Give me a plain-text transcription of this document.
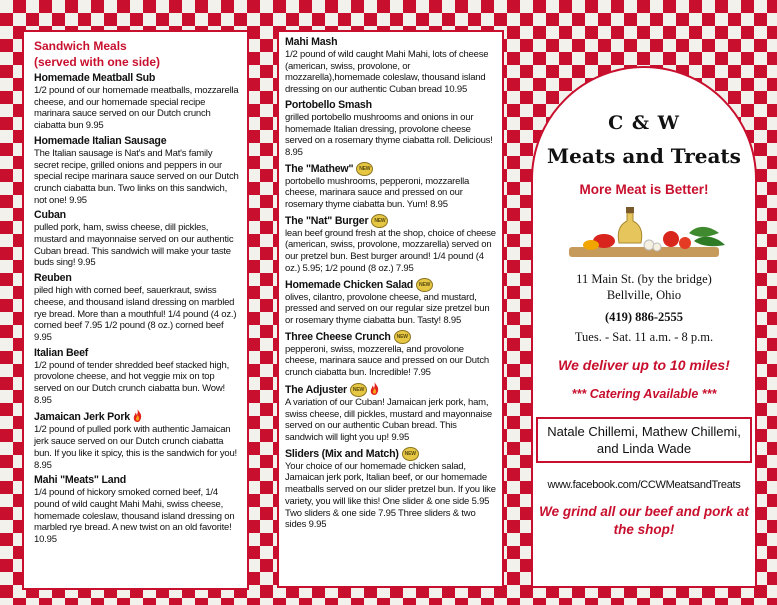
Sandwich Meals
(served with one side)
Homemade Meatball Sub
1/2 pound of our homemade meatballs, mozzarella cheese, and our homemade special recipe marinara sauce served on our Dutch crunch ciabatta bun 9.95
Homemade Italian Sausage
The Italian sausage is Nat's and Mat's family secret recipe, grilled onions and peppers in our special recipe marinara sauce served on our Dutch crunch ciabatta bun. Two links on this sandwich, not one! 9.95
Cuban
pulled pork, ham, swiss cheese, dill pickles, mustard and mayonnaise served on our authentic Cuban bread. This sandwich will make your taste buds sing! 9.95
Reuben
piled high with corned beef, sauerkraut, swiss cheese, and thousand island dressing on marbled rye bread. More than a mouthful! 1/4 pound (4 oz.) corned beef 7.95 1/2 pound (8 oz.) corned beef 9.95
Italian Beef
1/2 pound of tender shredded beef stacked high, provolone cheese, and hot veggie mix on top served on our Dutch crunch ciabatta bun. Wow! 8.95
Jamaican Jerk Pork
1/2 pound of pulled pork with authentic Jamaican jerk sauce served on our Dutch crunch ciabatta bun. If you like it spicy, this is the sandwich for you! 8.95
Mahi "Meats" Land
1/4 pound of hickory smoked corned beef, 1/4 pound of wild caught Mahi Mahi, swiss cheese, homemade coleslaw, thousand island dressing on marbled rye bread. A new twist on an old favorite! 10.95
Mahi Mash
1/2 pound of wild caught Mahi Mahi, lots of cheese (american, swiss, provolone, or mozzarella),homemade coleslaw, thousand island dressing on our authentic Cuban bread 10.95
Portobello Smash
grilled portobello mushrooms and onions in our homemade Italian dressing, provolone cheese served on a rosemary thyme ciabatta roll. Delicious! 8.95
The "Mathew" NEW
portobello mushrooms, pepperoni, mozzarella cheese, marinara sauce and pressed on our rosemary thyme ciabatta bun. Yum! 8.95
The "Nat" Burger NEW
lean beef ground fresh at the shop, choice of cheese (american, swiss, provolone, mozzarella) served on our pretzel bun. Best burger around! 1/4 pound (4 oz.) 5.95; 1/2 pound (8 oz.) 7.95
Homemade Chicken Salad NEW
olives, cilantro, provolone cheese, and mustard, pressed and served on our regular size pretzel bun or rosemary thyme ciabatta bun. Tasty! 8.95
Three Cheese Crunch NEW
pepperoni, swiss, mozzerella, and provolone cheese, marinara sauce and pressed on our Dutch crunch ciabatta bun. Incredible! 7.95
The Adjuster NEW
A variation of our Cuban! Jamaican jerk pork, ham, swiss cheese, dill pickles, mustard and mayonnaise served on our authentic Cuban bread. This sandwich will light you up! 9.95
Sliders (Mix and Match) NEW
Your choice of our homemade chicken salad, Jamaican jerk pork, Italian beef, or our homemade meatballs served on our slider pretzel bun. If you like variety, you will like this! One slider & one side 5.95 Two sliders & one side 7.95 Three sliders & two sides 9.95
C & W
Meats and Treats
More Meat is Better!
11 Main St. (by the bridge)
Bellville, Ohio
(419) 886-2555
Tues. - Sat. 11 a.m. - 8 p.m.
We deliver up to 10 miles!
*** Catering Available ***
Natale Chillemi, Mathew Chillemi, and Linda Wade
www.facebook.com/CCWMeatsandTreats
We grind all our beef and pork at the shop!
